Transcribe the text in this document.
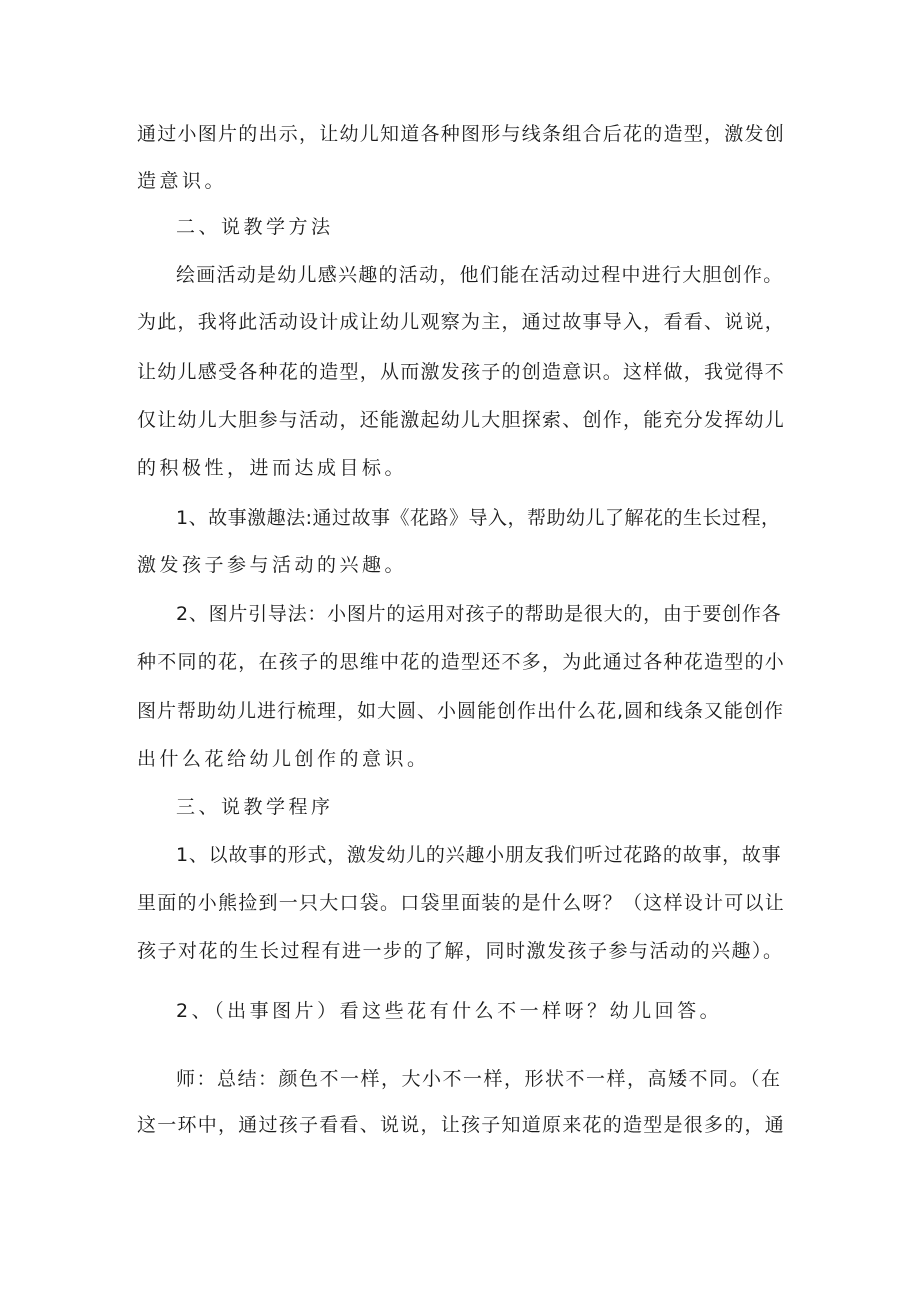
通过小图片的出示，让幼儿知道各种图形与线条组合后花的造型，激发创

造意识。

二、说教学方法

绘画活动是幼儿感兴趣的活动，他们能在活动过程中进行大胆创作。

为此，我将此活动设计成让幼儿观察为主，通过故事导入，看看、说说，

让幼儿感受各种花的造型，从而激发孩子的创造意识。这样做，我觉得不

仅让幼儿大胆参与活动，还能激起幼儿大胆探索、创作，能充分发挥幼儿

的积极性，进而达成目标。

1、故事激趣法:通过故事《花路》导入，帮助幼儿了解花的生长过程，

激发孩子参与活动的兴趣。

2、图片引导法：小图片的运用对孩子的帮助是很大的，由于要创作各

种不同的花，在孩子的思维中花的造型还不多，为此通过各种花造型的小

图片帮助幼儿进行梳理，如大圆、小圆能创作出什么花,圆和线条又能创作

出什么花给幼儿创作的意识。

三、说教学程序

1、以故事的形式，激发幼儿的兴趣小朋友我们听过花路的故事，故事

里面的小熊捡到一只大口袋。口袋里面装的是什么呀？（这样设计可以让

孩子对花的生长过程有进一步的了解，同时激发孩子参与活动的兴趣）。

2、（出事图片）看这些花有什么不一样呀？幼儿回答。

师：总结：颜色不一样，大小不一样，形状不一样，高矮不同。（在

这一环中，通过孩子看看、说说，让孩子知道原来花的造型是很多的，通
